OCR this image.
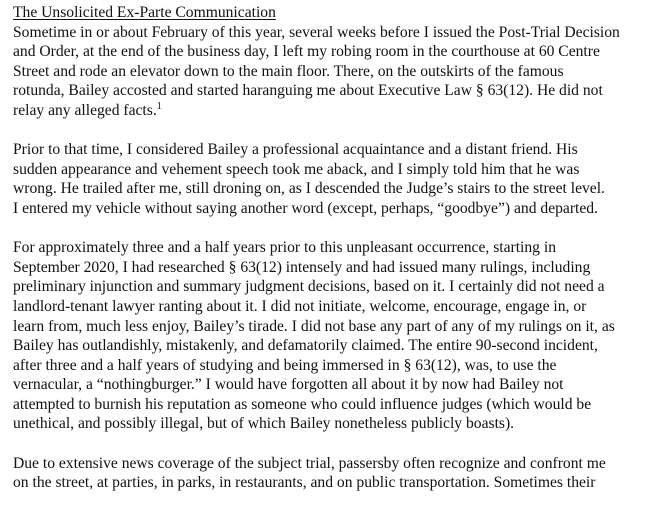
The Unsolicited Ex-Parte Communication
Sometime in or about February of this year, several weeks before I issued the Post-Trial Decision
and Order, at the end of the business day, I left my robing room in the courthouse at 60 Centre
Street and rode an elevator down to the main floor. There, on the outskirts of the famous
rotunda, Bailey accosted and started haranguing me about Executive Law § 63(12). He did not
relay any alleged facts.$^1$
Prior to that time, I considered Bailey a professional acquaintance and a distant friend. His
sudden appearance and vehement speech took me aback, and I simply told him that he was
wrong. He trailed after me, still droning on, as I descended the Judge’s stairs to the street level.
I entered my vehicle without saying another word (except, perhaps, “goodbye”) and departed.
For approximately three and a half years prior to this unpleasant occurrence, starting in
September 2020, I had researched § 63(12) intensely and had issued many rulings, including
preliminary injunction and summary judgment decisions, based on it. I certainly did not need a
landlord-tenant lawyer ranting about it. I did not initiate, welcome, encourage, engage in, or
learn from, much less enjoy, Bailey’s tirade. I did not base any part of any of my rulings on it, as
Bailey has outlandishly, mistakenly, and defamatorily claimed. The entire 90-second incident,
after three and a half years of studying and being immersed in § 63(12), was, to use the
vernacular, a “nothingburger.” I would have forgotten all about it by now had Bailey not
attempted to burnish his reputation as someone who could influence judges (which would be
unethical, and possibly illegal, but of which Bailey nonetheless publicly boasts).
Due to extensive news coverage of the subject trial, passersby often recognize and confront me
on the street, at parties, in parks, in restaurants, and on public transportation. Sometimes their
